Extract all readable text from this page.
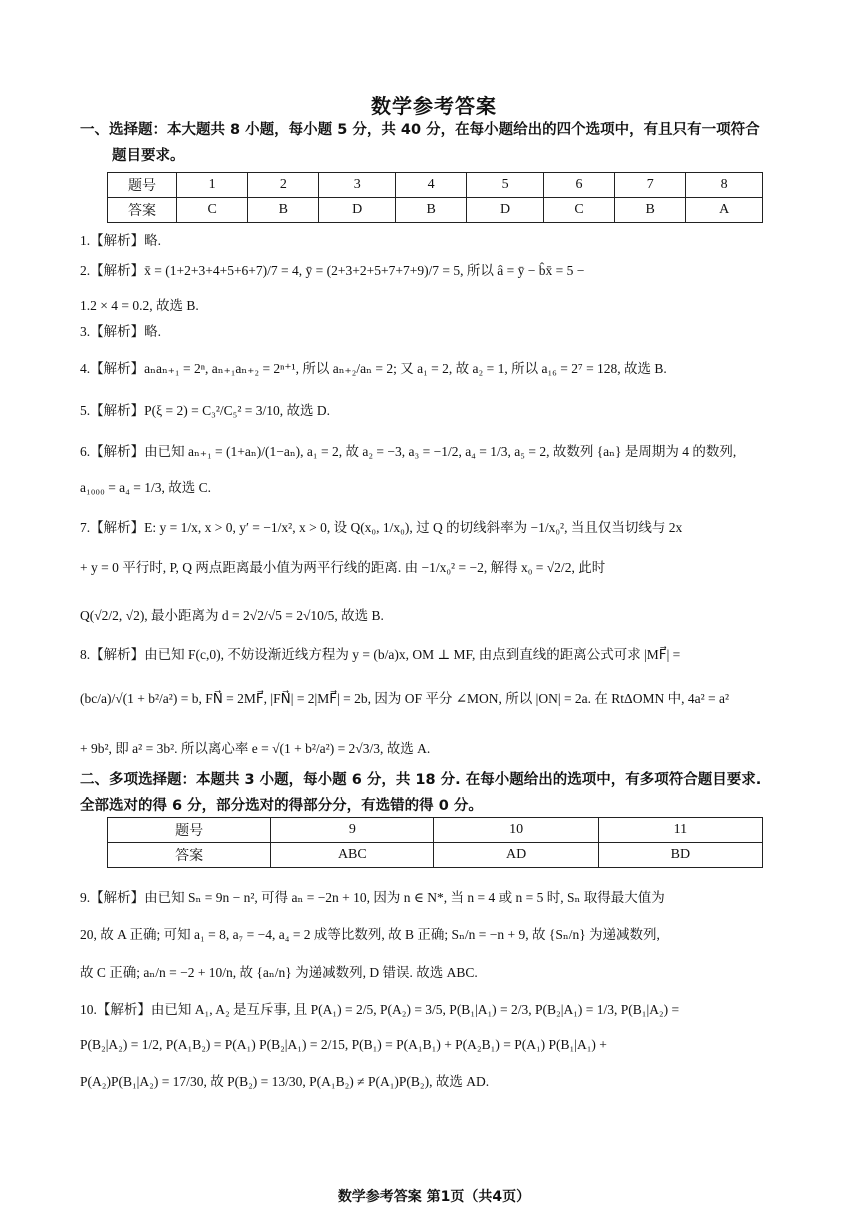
数学参考答案
一、选择题：本大题共 8 小题，每小题 5 分，共 40 分，在每小题给出的四个选项中，有且只有一项符合
题目要求。
题号	1	2	3	4	5	6	7	8
答案	C	B	D	B	D	C	B	A
1.【解析】略.
2.【解析】x̄ = (1+2+3+4+5+6+7)/7 = 4, ȳ = (2+3+2+5+7+7+9)/7 = 5, 所以 â = ȳ − b̂x̄ = 5 −
1.2 × 4 = 0.2, 故选 B.
3.【解析】略.
4.【解析】aₙaₙ₊₁ = 2ⁿ, aₙ₊₁aₙ₊₂ = 2ⁿ⁺¹, 所以 aₙ₊₂/aₙ = 2; 又 a₁ = 2, 故 a₂ = 1, 所以 a₁₆ = 2⁷ = 128, 故选 B.
5.【解析】P(ξ = 2) = C₃²/C₅² = 3/10, 故选 D.
6.【解析】由已知 aₙ₊₁ = (1+aₙ)/(1−aₙ), a₁ = 2, 故 a₂ = −3, a₃ = −1/2, a₄ = 1/3, a₅ = 2, 故数列 {aₙ} 是周期为 4 的数列,
a₁₀₀₀ = a₄ = 1/3, 故选 C.
7.【解析】E: y = 1/x, x > 0, y′ = −1/x², x > 0, 设 Q(x₀, 1/x₀), 过 Q 的切线斜率为 −1/x₀², 当且仅当切线与 2x
+ y = 0 平行时, P, Q 两点距离最小值为两平行线的距离. 由 −1/x₀² = −2, 解得 x₀ = √2/2, 此时
Q(√2/2, √2), 最小距离为 d = 2√2/√5 = 2√10/5, 故选 B.
8.【解析】由已知 F(c,0), 不妨设渐近线方程为 y = (b/a)x, OM ⊥ MF, 由点到直线的距离公式可求 |MF⃗| =
(bc/a)/√(1 + b²/a²) = b, FN⃗ = 2MF⃗, |FN⃗| = 2|MF⃗| = 2b, 因为 OF 平分 ∠MON, 所以 |ON| = 2a. 在 RtΔOMN 中, 4a² = a²
+ 9b², 即 a² = 3b². 所以离心率 e = √(1 + b²/a²) = 2√3/3, 故选 A.
二、多项选择题：本题共 3 小题，每小题 6 分，共 18 分. 在每小题给出的选项中，有多项符合题目要求.
全部选对的得 6 分，部分选对的得部分分，有选错的得 0 分。
题号	9	10	11
答案	ABC	AD	BD
9.【解析】由已知 Sₙ = 9n − n², 可得 aₙ = −2n + 10, 因为 n ∈ N*, 当 n = 4 或 n = 5 时, Sₙ 取得最大值为
20, 故 A 正确; 可知 a₁ = 8, a₇ = −4, a₄ = 2 成等比数列, 故 B 正确; Sₙ/n = −n + 9, 故 {Sₙ/n} 为递减数列,
故 C 正确; aₙ/n = −2 + 10/n, 故 {aₙ/n} 为递减数列, D 错误. 故选 ABC.
10.【解析】由已知 A₁, A₂ 是互斥事, 且 P(A₁) = 2/5, P(A₂) = 3/5, P(B₁|A₁) = 2/3, P(B₂|A₁) = 1/3, P(B₁|A₂) =
P(B₂|A₂) = 1/2, P(A₁B₂) = P(A₁) P(B₂|A₁) = 2/15, P(B₁) = P(A₁B₁) + P(A₂B₁) = P(A₁) P(B₁|A₁) +
P(A₂)P(B₁|A₂) = 17/30, 故 P(B₂) = 13/30, P(A₁B₂) ≠ P(A₁)P(B₂), 故选 AD.
数学参考答案 第1页（共4页）
